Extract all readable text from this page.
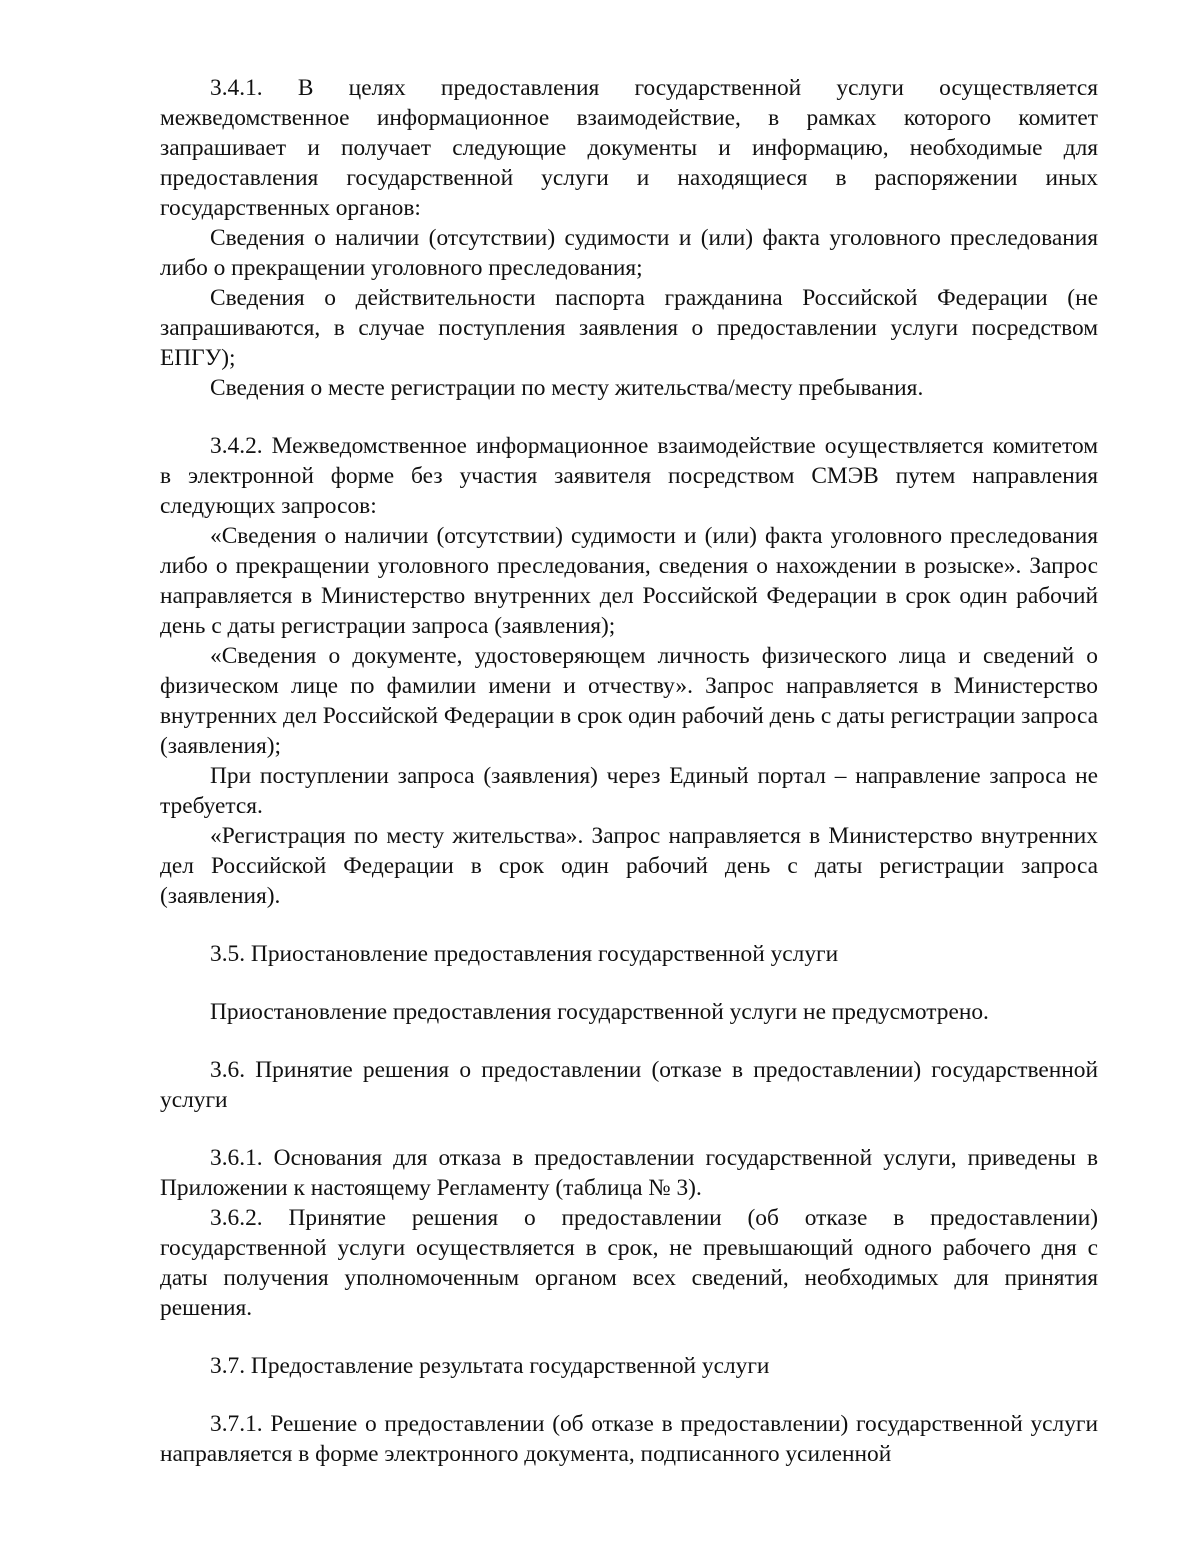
3.4.1. В целях предоставления государственной услуги осуществляется межведомственное информационное взаимодействие, в рамках которого комитет запрашивает и получает следующие документы и информацию, необходимые для предоставления государственной услуги и находящиеся в распоряжении иных государственных органов:

Сведения о наличии (отсутствии) судимости и (или) факта уголовного преследования либо о прекращении уголовного преследования;

Сведения о действительности паспорта гражданина Российской Федерации (не запрашиваются, в случае поступления заявления о предоставлении услуги посредством ЕПГУ);

Сведения о месте регистрации по месту жительства/месту пребывания.

3.4.2. Межведомственное информационное взаимодействие осуществляется комитетом в электронной форме без участия заявителя посредством СМЭВ путем направления следующих запросов:

«Сведения о наличии (отсутствии) судимости и (или) факта уголовного преследования либо о прекращении уголовного преследования, сведения о нахождении в розыске». Запрос направляется в Министерство внутренних дел Российской Федерации в срок один рабочий день с даты регистрации запроса (заявления);

«Сведения о документе, удостоверяющем личность физического лица и сведений о физическом лице по фамилии имени и отчеству». Запрос направляется в Министерство внутренних дел Российской Федерации в срок один рабочий день с даты регистрации запроса (заявления);

При поступлении запроса (заявления) через Единый портал – направление запроса не требуется.

«Регистрация по месту жительства». Запрос направляется в Министерство внутренних дел Российской Федерации в срок один рабочий день с даты регистрации запроса (заявления).

3.5. Приостановление предоставления государственной услуги

Приостановление предоставления государственной услуги не предусмотрено.

3.6. Принятие решения о предоставлении (отказе в предоставлении) государственной услуги

3.6.1. Основания для отказа в предоставлении государственной услуги, приведены в Приложении к настоящему Регламенту (таблица № 3).

3.6.2. Принятие решения о предоставлении (об отказе в предоставлении) государственной услуги осуществляется в срок, не превышающий одного рабочего дня с даты получения уполномоченным органом всех сведений, необходимых для принятия решения.

3.7. Предоставление результата государственной услуги

3.7.1. Решение о предоставлении (об отказе в предоставлении) государственной услуги направляется в форме электронного документа, подписанного усиленной
